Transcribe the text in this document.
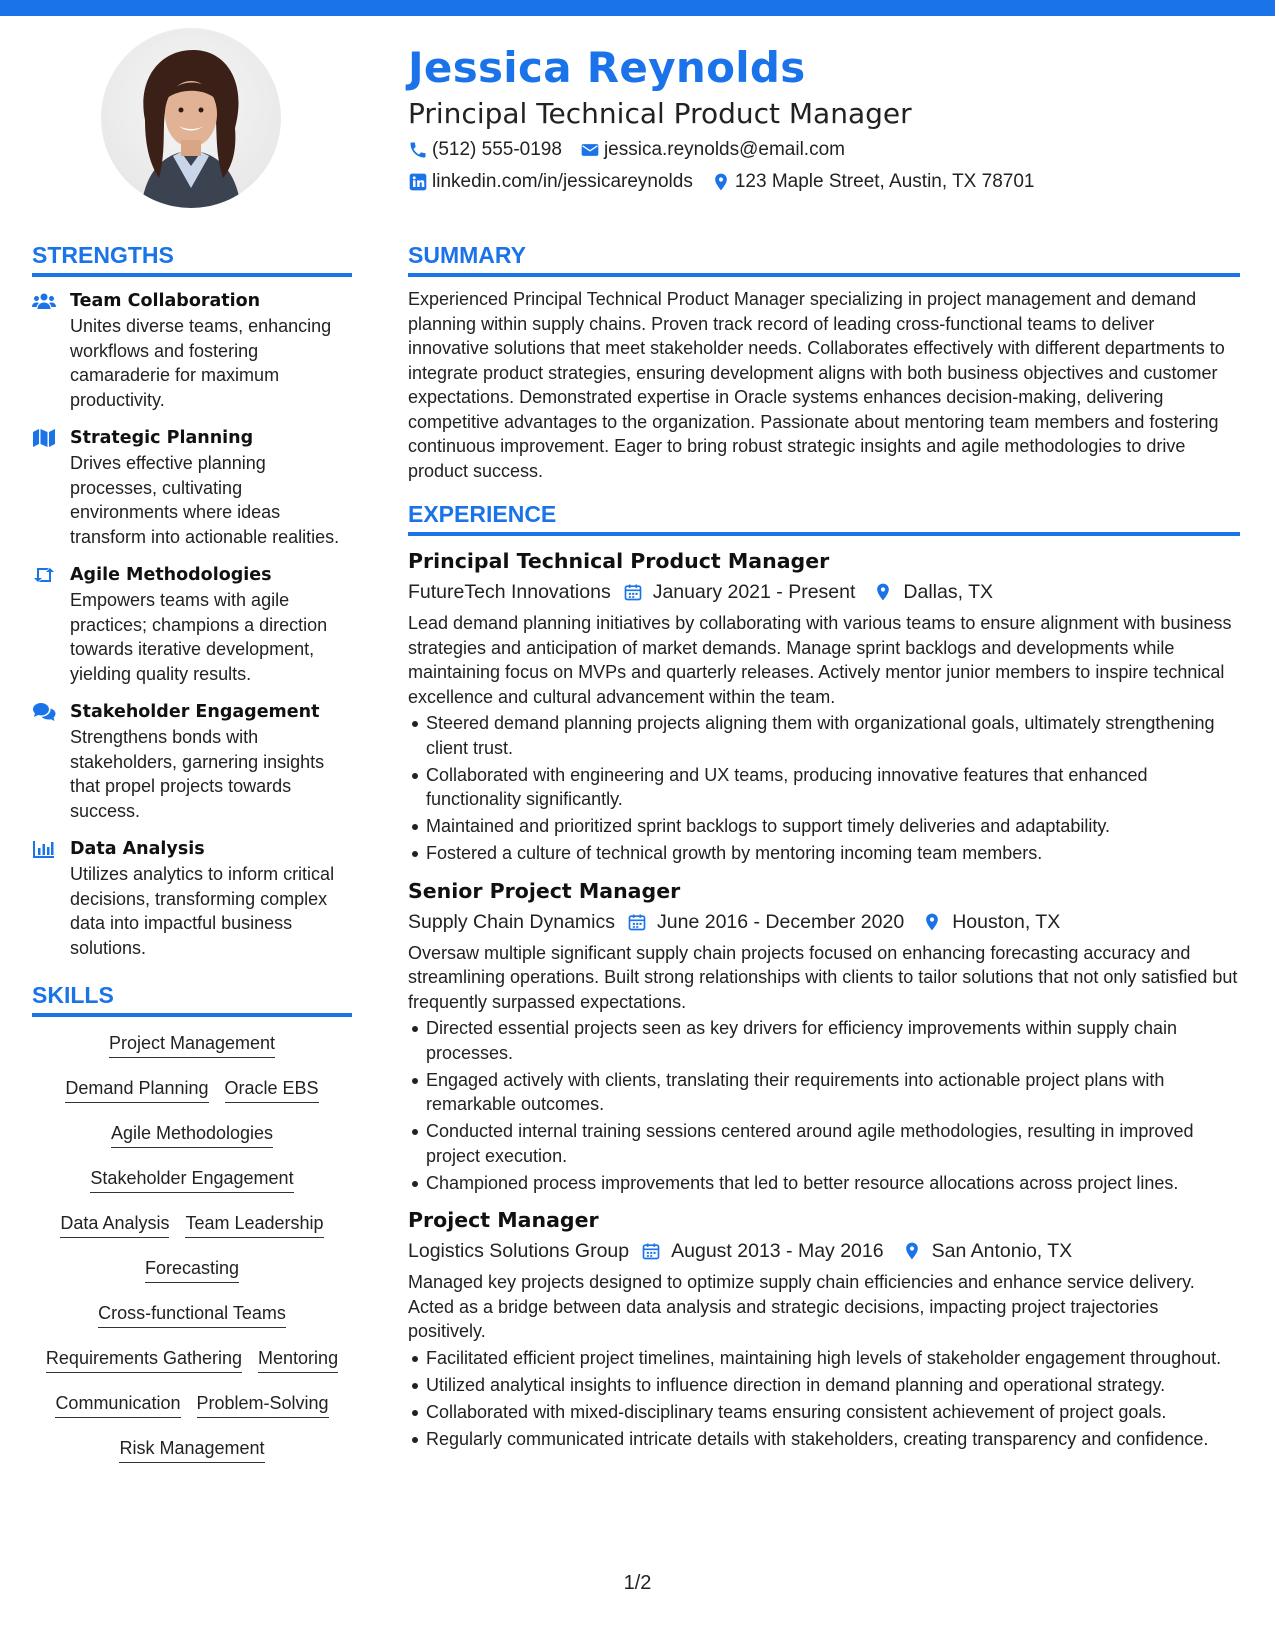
Jessica Reynolds
Principal Technical Product Manager
(512) 555-0198 jessica.reynolds@email.com
linkedin.com/in/jessicareynolds 123 Maple Street, Austin, TX 78701
STRENGTHS
Team Collaboration
Unites diverse teams, enhancing workflows and fostering camaraderie for maximum productivity.
Strategic Planning
Drives effective planning processes, cultivating environments where ideas transform into actionable realities.
Agile Methodologies
Empowers teams with agile practices; champions a direction towards iterative development, yielding quality results.
Stakeholder Engagement
Strengthens bonds with stakeholders, garnering insights that propel projects towards success.
Data Analysis
Utilizes analytics to inform critical decisions, transforming complex data into impactful business solutions.
SKILLS
Project Management
Demand Planning Oracle EBS
Agile Methodologies
Stakeholder Engagement
Data Analysis Team Leadership
Forecasting
Cross-functional Teams
Requirements Gathering Mentoring
Communication Problem-Solving
Risk Management
SUMMARY
Experienced Principal Technical Product Manager specializing in project management and demand planning within supply chains. Proven track record of leading cross-functional teams to deliver innovative solutions that meet stakeholder needs. Collaborates effectively with different departments to integrate product strategies, ensuring development aligns with both business objectives and customer expectations. Demonstrated expertise in Oracle systems enhances decision-making, delivering competitive advantages to the organization. Passionate about mentoring team members and fostering continuous improvement. Eager to bring robust strategic insights and agile methodologies to drive product success.
EXPERIENCE
Principal Technical Product Manager
FutureTech Innovations January 2021 - Present Dallas, TX
Lead demand planning initiatives by collaborating with various teams to ensure alignment with business strategies and anticipation of market demands. Manage sprint backlogs and developments while maintaining focus on MVPs and quarterly releases. Actively mentor junior members to inspire technical excellence and cultural advancement within the team.
Steered demand planning projects aligning them with organizational goals, ultimately strengthening client trust.
Collaborated with engineering and UX teams, producing innovative features that enhanced functionality significantly.
Maintained and prioritized sprint backlogs to support timely deliveries and adaptability.
Fostered a culture of technical growth by mentoring incoming team members.
Senior Project Manager
Supply Chain Dynamics June 2016 - December 2020 Houston, TX
Oversaw multiple significant supply chain projects focused on enhancing forecasting accuracy and streamlining operations. Built strong relationships with clients to tailor solutions that not only satisfied but frequently surpassed expectations.
Directed essential projects seen as key drivers for efficiency improvements within supply chain processes.
Engaged actively with clients, translating their requirements into actionable project plans with remarkable outcomes.
Conducted internal training sessions centered around agile methodologies, resulting in improved project execution.
Championed process improvements that led to better resource allocations across project lines.
Project Manager
Logistics Solutions Group August 2013 - May 2016 San Antonio, TX
Managed key projects designed to optimize supply chain efficiencies and enhance service delivery. Acted as a bridge between data analysis and strategic decisions, impacting project trajectories positively.
Facilitated efficient project timelines, maintaining high levels of stakeholder engagement throughout.
Utilized analytical insights to influence direction in demand planning and operational strategy.
Collaborated with mixed-disciplinary teams ensuring consistent achievement of project goals.
Regularly communicated intricate details with stakeholders, creating transparency and confidence.
1/2
